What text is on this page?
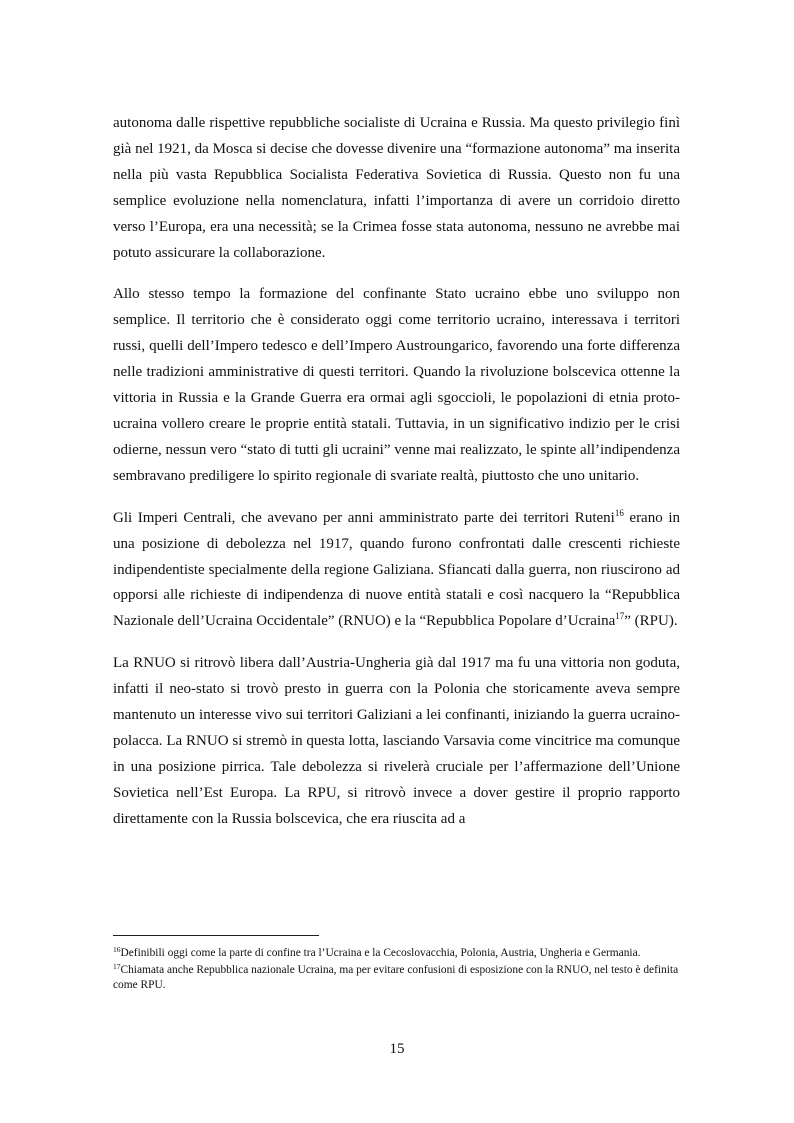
autonoma dalle rispettive repubbliche socialiste di Ucraina e Russia. Ma questo privilegio finì già nel 1921, da Mosca si decise che dovesse divenire una “formazione autonoma” ma inserita nella più vasta Repubblica Socialista Federativa Sovietica di Russia. Questo non fu una semplice evoluzione nella nomenclatura, infatti l’importanza di avere un corridoio diretto verso l’Europa, era una necessità; se la Crimea fosse stata autonoma, nessuno ne avrebbe mai potuto assicurare la collaborazione.

Allo stesso tempo la formazione del confinante Stato ucraino ebbe uno sviluppo non semplice. Il territorio che è considerato oggi come territorio ucraino, interessava i territori russi, quelli dell’Impero tedesco e dell’Impero Austroungarico, favorendo una forte differenza nelle tradizioni amministrative di questi territori. Quando la rivoluzione bolscevica ottenne la vittoria in Russia e la Grande Guerra era ormai agli sgoccioli, le popolazioni di etnia proto-ucraina vollero creare le proprie entità statali. Tuttavia, in un significativo indizio per le crisi odierne, nessun vero “stato di tutti gli ucraini” venne mai realizzato, le spinte all’indipendenza sembravano prediligere lo spirito regionale di svariate realtà, piuttosto che uno unitario.

Gli Imperi Centrali, che avevano per anni amministrato parte dei territori Ruteni$^{16}$ erano in una posizione di debolezza nel 1917, quando furono confrontati dalle crescenti richieste indipendentiste specialmente della regione Galiziana. Sfiancati dalla guerra, non riuscirono ad opporsi alle richieste di indipendenza di nuove entità statali e così nacquero la “Repubblica Nazionale dell’Ucraina Occidentale” (RNUO) e la “Repubblica Popolare d’Ucraina$^{17}$” (RPU).

La RNUO si ritrovò libera dall’Austria-Ungheria già dal 1917 ma fu una vittoria non goduta, infatti il neo-stato si trovò presto in guerra con la Polonia che storicamente aveva sempre mantenuto un interesse vivo sui territori Galiziani a lei confinanti, iniziando la guerra ucraino-polacca. La RNUO si stremò in questa lotta, lasciando Varsavia come vincitrice ma comunque in una posizione pirrica. Tale debolezza si rivelerà cruciale per l’affermazione dell’Unione Sovietica nell’Est Europa. La RPU, si ritrovò invece a dover gestire il proprio rapporto direttamente con la Russia bolscevica, che era riuscita ad a

$^{16}$Definibili oggi come la parte di confine tra l’Ucraina e la Cecoslovacchia, Polonia, Austria, Ungheria e Germania.

$^{17}$Chiamata anche Repubblica nazionale Ucraina, ma per evitare confusioni di esposizione con la RNUO, nel testo è definita come RPU.

15
